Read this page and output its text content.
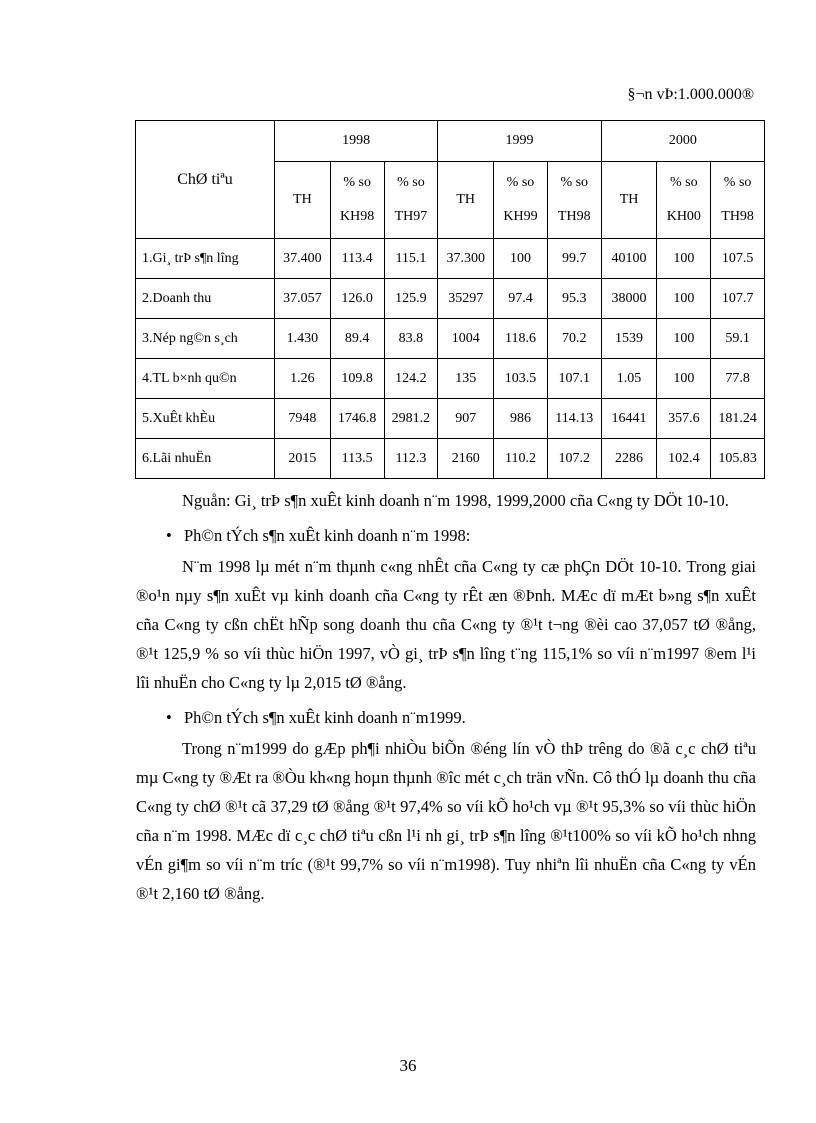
§¬n vÞ:1.000.000®
ChØ tiªu	1998			1999			2000		
	TH	% so KH98	% so TH97	TH	% so KH99	% so TH98	TH	% so KH00	% so TH98
1.Gi¸ trÞ s¶n lîng	37.400	113.4	115.1	37.300	100	99.7	40100	100	107.5
2.Doanh thu	37.057	126.0	125.9	35297	97.4	95.3	38000	100	107.7
3.Nép ng©n s¸ch	1.430	89.4	83.8	1004	118.6	70.2	1539	100	59.1
4.TL b×nh qu©n	1.26	109.8	124.2	135	103.5	107.1	1.05	100	77.8
5.XuÊt khÈu	7948	1746.8	2981.2	907	986	114.13	16441	357.6	181.24
6.Lãi nhuËn	2015	113.5	112.3	2160	110.2	107.2	2286	102.4	105.83
Nguån: Gi¸ trÞ s¶n xuÊt kinh doanh n¨m 1998, 1999,2000 cña C«ng ty DÖt 10-10.
• Ph©n tÝch s¶n xuÊt kinh doanh n¨m 1998:
N¨m 1998 lµ mét n¨m thµnh c«ng nhÊt cña C«ng ty cæ phÇn DÖt 10-10. Trong giai ®o¹n nµy s¶n xuÊt vµ kinh doanh cña C«ng ty rÊt æn ®Þnh. MÆc dï mÆt b»ng s¶n xuÊt cña C«ng ty cßn chËt hÑp song doanh thu cña C«ng ty ®¹t t¬ng ®èi cao 37,057 tØ ®ång, ®¹t 125,9 % so víi thùc hiÖn 1997, vÒ gi¸ trÞ s¶n lîng t¨ng 115,1% so víi n¨m1997 ®em l¹i lîi nhuËn cho C«ng ty lµ 2,015 tØ ®ång.
• Ph©n tÝch s¶n xuÊt kinh doanh n¨m1999.
Trong n¨m1999 do gÆp ph¶i nhiÒu biÕn ®éng lín vÒ thÞ trêng do ®ã c¸c chØ tiªu mµ C«ng ty ®Æt ra ®Òu kh«ng hoµn thµnh ®îc mét c¸ch trän vÑn. Cô thÓ lµ doanh thu cña C«ng ty chØ ®¹t cã 37,29 tØ ®ång ®¹t 97,4% so víi kÕ ho¹ch vµ ®¹t 95,3% so víi thùc hiÖn cña n¨m 1998. MÆc dï c¸c chØ tiªu cßn l¹i nh gi¸ trÞ s¶n lîng ®¹t100% so víi kÕ ho¹ch nhng vÉn gi¶m so víi n¨m tríc (®¹t 99,7% so víi n¨m1998). Tuy nhiªn lîi nhuËn cña C«ng ty vÉn ®¹t 2,160 tØ ®ång.
36
